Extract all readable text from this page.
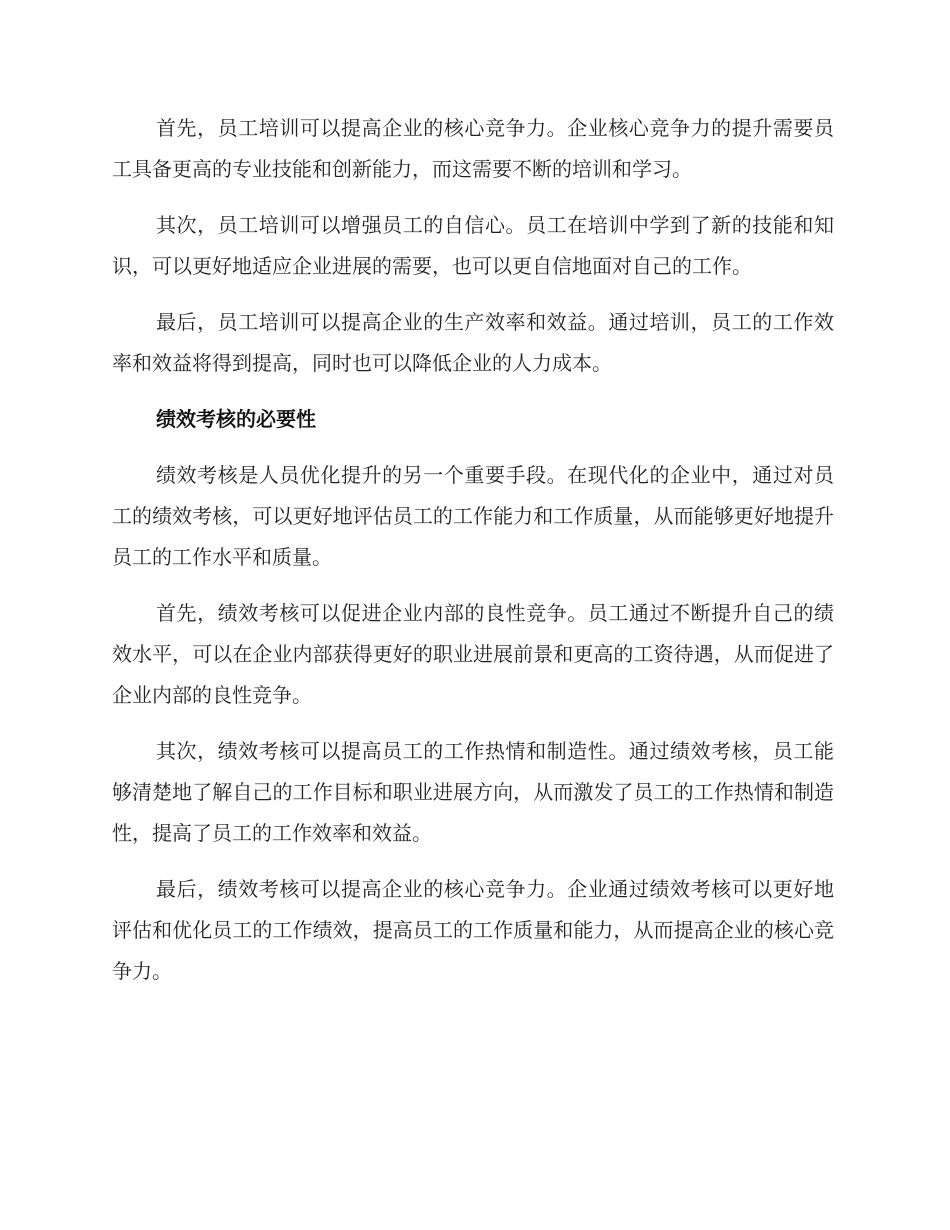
首先，员工培训可以提高企业的核心竞争力。企业核心竞争力的提升需要员工具备更高的专业技能和创新能力，而这需要不断的培训和学习。

其次，员工培训可以增强员工的自信心。员工在培训中学到了新的技能和知识，可以更好地适应企业进展的需要，也可以更自信地面对自己的工作。

最后，员工培训可以提高企业的生产效率和效益。通过培训，员工的工作效率和效益将得到提高，同时也可以降低企业的人力成本。

绩效考核的必要性

绩效考核是人员优化提升的另一个重要手段。在现代化的企业中，通过对员工的绩效考核，可以更好地评估员工的工作能力和工作质量，从而能够更好地提升员工的工作水平和质量。

首先，绩效考核可以促进企业内部的良性竞争。员工通过不断提升自己的绩效水平，可以在企业内部获得更好的职业进展前景和更高的工资待遇，从而促进了企业内部的良性竞争。

其次，绩效考核可以提高员工的工作热情和制造性。通过绩效考核，员工能够清楚地了解自己的工作目标和职业进展方向，从而激发了员工的工作热情和制造性，提高了员工的工作效率和效益。

最后，绩效考核可以提高企业的核心竞争力。企业通过绩效考核可以更好地评估和优化员工的工作绩效，提高员工的工作质量和能力，从而提高企业的核心竞争力。
